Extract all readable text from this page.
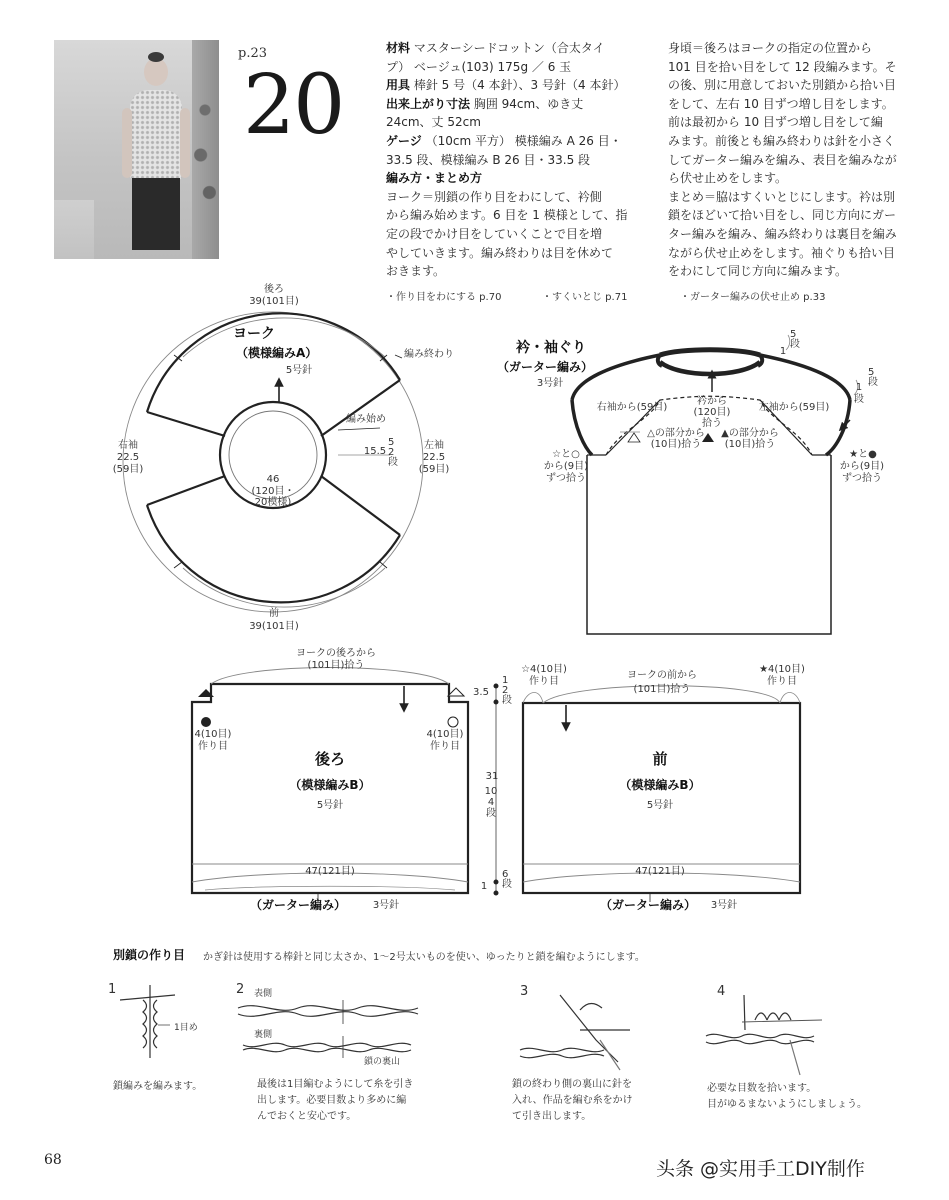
p.23
20
材料 マスターシードコットン（合太タイ
プ） ベージュ(103) 175g ／ 6 玉
用具 棒針 5 号（4 本針）、3 号針（4 本針）
出来上がり寸法 胸囲 94cm、ゆき丈
24cm、丈 52cm
ゲージ （10cm 平方） 模様編み A 26 目・
33.5 段、模様編み B 26 目・33.5 段
編み方・まとめ方
ヨーク＝別鎖の作り目をわにして、衿側
から編み始めます。6 目を 1 模様として、指
定の段でかけ目をしていくことで目を増
やしていきます。編み終わりは目を休めて
おきます。
身頃＝後ろはヨークの指定の位置から
101 目を拾い目をして 12 段編みます。そ
の後、別に用意しておいた別鎖から拾い目
をして、左右 10 目ずつ増し目をします。
前は最初から 10 目ずつ増し目をして編
みます。前後とも編み終わりは針を小さく
してガーター編みを編み、表目を編みなが
ら伏せ止めをします。
まとめ＝脇はすくいとじにします。衿は別
鎖をほどいて拾い目をし、同じ方向にガー
ター編みを編み、編み終わりは裏目を編み
ながら伏せ止めをします。袖ぐりも拾い目
をわにして同じ方向に編みます。
・作り目をわにする p.70	・すくいとじ p.71	・ガーター編みの伏せ止め p.33
ヨーク
（模様編みA）
5号針
後ろ
39(101目)
前
39(101目)
右袖
22.5
(59目)
左袖
22.5
(59目)
編み終わり
編み始め
15.5
52段
46
(120目・
20模様)
衿・袖ぐり
（ガーター編み）
3号針
5段
1
5段
1段
右袖から(59目)
衿から
(120目)
拾う
左袖から(59目)
△の部分から
(10目)拾う
▲の部分から
(10目)拾う
☆と○
から(9目)
ずつ拾う
★と●
から(9目)
ずつ拾う
ヨークの後ろから
(101目)拾う
4(10目)
作り目
4(10目)
作り目
後ろ
（模様編みB）
5号針
47(121目)
（ガーター編み）	3号針
3.5
12段
31
104段
1
6段
☆4(10目)
作り目
ヨークの前から
(101目)拾う
★4(10目)
作り目
前
（模様編みB）
5号針
47(121目)
（ガーター編み）	3号針
別鎖の作り目 かぎ針は使用する棒針と同じ太さか、1〜2号太いものを使い、ゆったりと鎖を編むようにします。
1
1目め
鎖編みを編みます。
2 表側
裏側
鎖の裏山
最後は1目編むようにして糸を引き
出します。必要目数より多めに編
んでおくと安心です。
3
鎖の終わり側の裏山に針を
入れ、作品を編む糸をかけ
て引き出します。
4
必要な目数を拾います。
目がゆるまないようにしましょう。
68	头条 @实用手工DIY制作
